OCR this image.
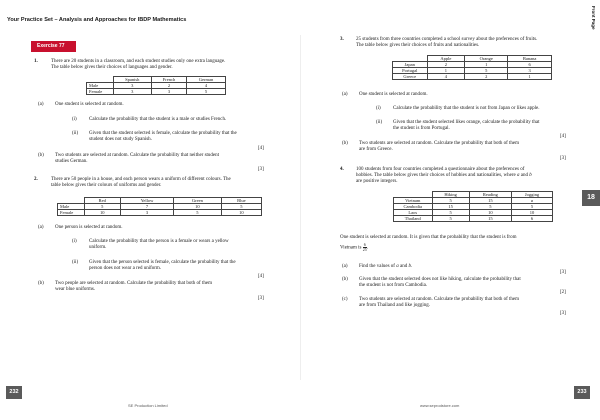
Your Practice Set – Analysis and Approaches for IBDP Mathematics	Front Page
Exercise 77
18
1.	There are 20 students in a classroom, and each student studies only one extra language.
The table below gives their choices of languages and gender.
	Spanish	French	German
Male	3	2	4
Female	3	3	5
(a) One student is selected at random.
(i) Calculate the probability that the student is a male or studies French.
(ii) Given that the student selected is female, calculate the probability that the
student does not study Spanish.
[4]
(b) Two students are selected at random. Calculate the probability that neither student
studies German.
[3]
2.	There are 50 people in a house, and each person wears a uniform of different colours. The
table below gives their colours of uniforms and gender.
	Red	Yellow	Green	Blue
Male	5	7	10	5
Female	10	3	5	10
(a) One person is selected at random.
(i) Calculate the probability that the person is a female or wears a yellow
uniform.
(ii) Given that the person selected is female, calculate the probability that the
person does not wear a red uniform.
[4]
(b) Two people are selected at random. Calculate the probability that both of them
wear blue uniforms.
[3]
3. 25 students from three countries completed a school survey about the preferences of fruits.
The table below gives their choices of fruits and nationalities.
	Apple	Orange	Banana
Japan	2	1	6
Portugal	1	5	3
Greece	4	2	1
(a) One student is selected at random.
(i) Calculate the probability that the student is not from Japan or likes apple.
(ii) Given that the student selected likes orange, calculate the probability that
the student is from Portugal.
[4]
(b) Two students are selected at random. Calculate the probability that both of them
are from Greece.
[3]
4. 100 students from four countries completed a questionnaire about the preferences of
hobbies. The table below gives their choices of hobbies and nationalities, where a and b
are positive integers.
	Hiking	Reading	Jogging
Vietnam	5	15	a
Cambodia	15	5	5
Laos	5	10	10
Thailand	5	15	6
One student is selected at random. It is given that the probability that the student is from
Vietnam is $\frac{6}{25}$ .
(a) Find the values of a and b.
[3]
(b) Given that the student selected does not like hiking, calculate the probability that
the student is not from Cambodia.
[2]
(c) Two students are selected at random. Calculate the probability that both of them
are from Thailand and like jogging.
[3]
232	233
SE Production Limited	www.seprodstore.com
